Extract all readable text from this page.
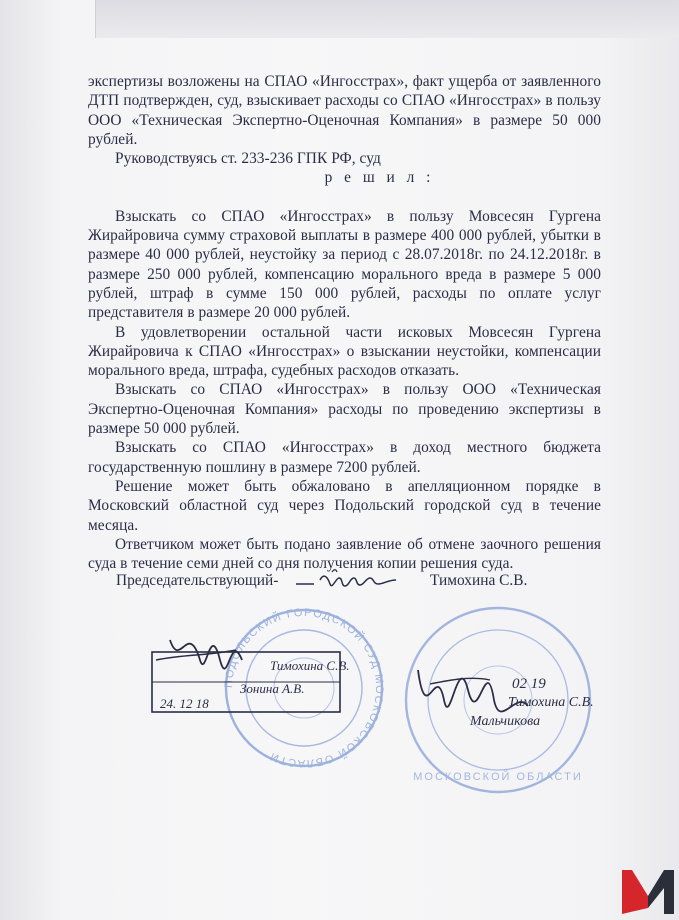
экспертизы возложены на СПАО «Ингосстрах», факт ущерба от заявленного ДТП подтвержден, суд, взыскивает расходы со СПАО «Ингосстрах» в пользу ООО «Техническая Экспертно-Оценочная Компания» в размере 50 000 рублей.

Руководствуясь ст. 233-236 ГПК РФ, суд

р е ш и л :

Взыскать со СПАО «Ингосстрах» в пользу Мовсесян Гургена Жирайровича сумму страховой выплаты в размере 400 000 рублей, убытки в размере 40 000 рублей, неустойку за период с 28.07.2018г. по 24.12.2018г. в размере 250 000 рублей, компенсацию морального вреда в размере 5 000 рублей, штраф в сумме 150 000 рублей, расходы по оплате услуг представителя в размере 20 000 рублей.

В удовлетворении остальной части исковых Мовсесян Гургена Жирайровича к СПАО «Ингосстрах» о взыскании неустойки, компенсации морального вреда, штрафа, судебных расходов отказать.

Взыскать со СПАО «Ингосстрах» в пользу ООО «Техническая Экспертно-Оценочная Компания» расходы по проведению экспертизы в размере 50 000 рублей.

Взыскать со СПАО «Ингосстрах» в доход местного бюджета государственную пошлину в размере 7200 рублей.

Решение может быть обжаловано в апелляционном порядке в Московский областной суд через Подольский городской суд в течение месяца.

Ответчиком может быть подано заявление об отмене заочного решения суда в течение семи дней со дня получения копии решения суда.

Председательствующий-	Тимохина С.В.
ПОДОЛЬСКИЙ ГОРОДСКОЙ СУД МОСКОВСКОЙ ОБЛАСТИ
МОСКОВСКОЙ ОБЛАСТИ
Тимохина С.В.
Зонина А.В.
24. 12 18
02 19
Тимохина С.В.
Мальчикова
